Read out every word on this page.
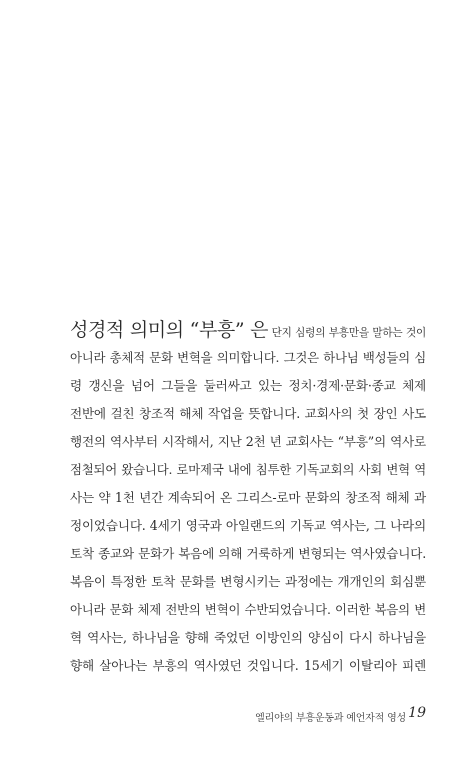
성경적 의미의 “부흥” 은 단지 심령의 부흥만을 말하는 것이
아니라 총체적 문화 변혁을 의미합니다. 그것은 하나님 백성들의 심
령 갱신을 넘어 그들을 둘러싸고 있는 정치·경제·문화·종교 체제
전반에 걸친 창조적 해체 작업을 뜻합니다. 교회사의 첫 장인 사도
행전의 역사부터 시작해서, 지난 2천 년 교회사는 “부흥”의 역사로
점철되어 왔습니다. 로마제국 내에 침투한 기독교회의 사회 변혁 역
사는 약 1천 년간 계속되어 온 그리스-로마 문화의 창조적 해체 과
정이었습니다. 4세기 영국과 아일랜드의 기독교 역사는, 그 나라의
토착 종교와 문화가 복음에 의해 거룩하게 변형되는 역사였습니다.
복음이 특정한 토착 문화를 변형시키는 과정에는 개개인의 회심뿐
아니라 문화 체제 전반의 변혁이 수반되었습니다. 이러한 복음의 변
혁 역사는, 하나님을 향해 죽었던 이방인의 양심이 다시 하나님을
향해 살아나는 부흥의 역사였던 것입니다. 15세기 이탈리아 피렌
엘리야의 부흥운동과 예언자적 영성 19
